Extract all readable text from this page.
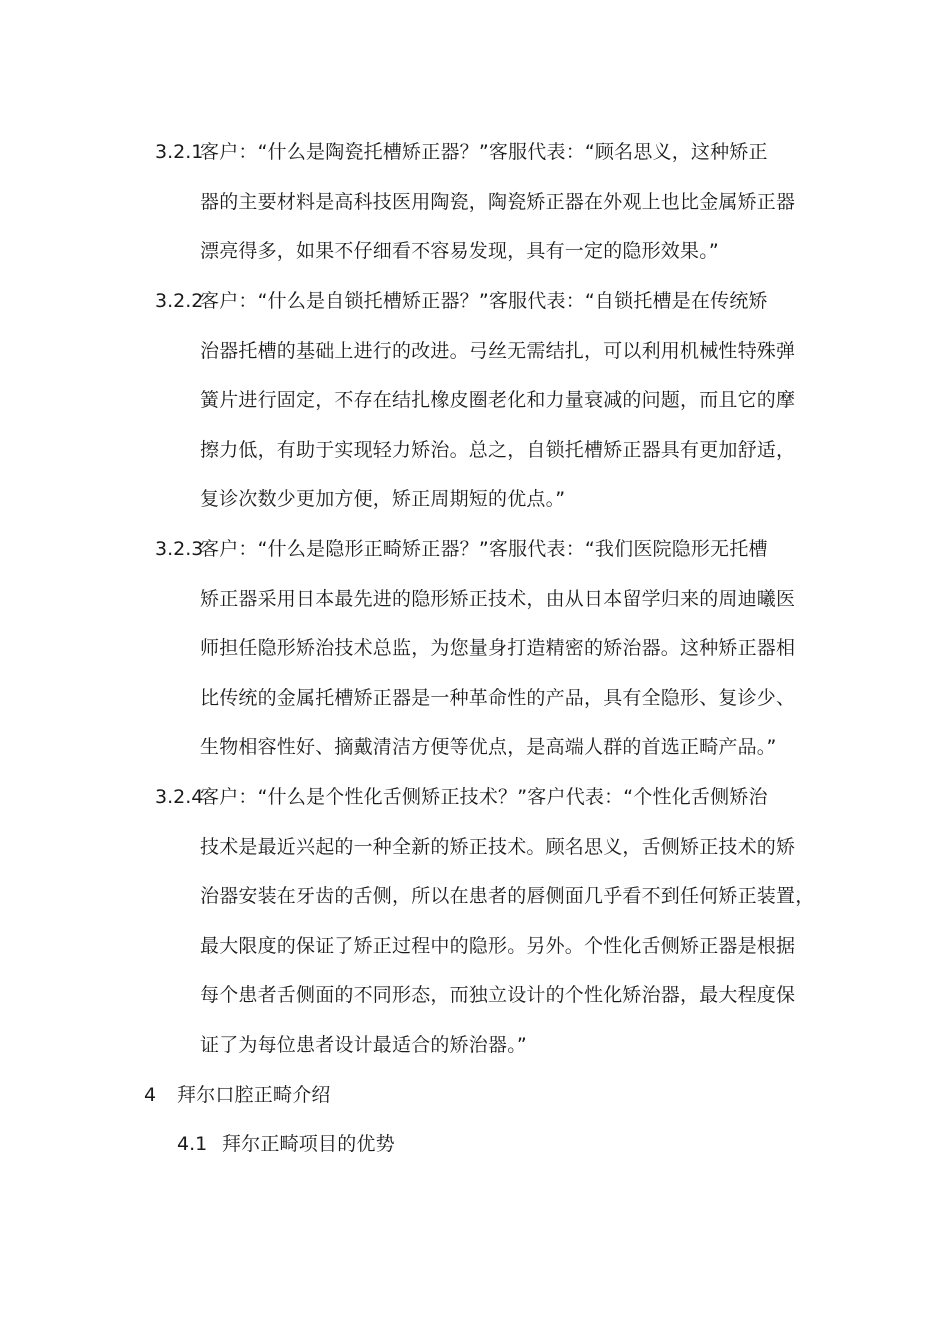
3.2.1
客户：“什么是陶瓷托槽矫正器？”客服代表：“顾名思义，这种矫正
器的主要材料是高科技医用陶瓷，陶瓷矫正器在外观上也比金属矫正器
漂亮得多，如果不仔细看不容易发现，具有一定的隐形效果。”
3.2.2
客户：“什么是自锁托槽矫正器？”客服代表：“自锁托槽是在传统矫
治器托槽的基础上进行的改进。弓丝无需结扎，可以利用机械性特殊弹
簧片进行固定，不存在结扎橡皮圈老化和力量衰减的问题，而且它的摩
擦力低，有助于实现轻力矫治。总之，自锁托槽矫正器具有更加舒适，
复诊次数少更加方便，矫正周期短的优点。”
3.2.3
客户：“什么是隐形正畸矫正器？”客服代表：“我们医院隐形无托槽
矫正器采用日本最先进的隐形矫正技术，由从日本留学归来的周迪曦医
师担任隐形矫治技术总监，为您量身打造精密的矫治器。这种矫正器相
比传统的金属托槽矫正器是一种革命性的产品，具有全隐形、复诊少、
生物相容性好、摘戴清洁方便等优点，是高端人群的首选正畸产品。”
3.2.4
客户：“什么是个性化舌侧矫正技术？”客户代表：“个性化舌侧矫治
技术是最近兴起的一种全新的矫正技术。顾名思义，舌侧矫正技术的矫
治器安装在牙齿的舌侧，所以在患者的唇侧面几乎看不到任何矫正装置，
最大限度的保证了矫正过程中的隐形。另外。个性化舌侧矫正器是根据
每个患者舌侧面的不同形态，而独立设计的个性化矫治器，最大程度保
证了为每位患者设计最适合的矫治器。”
4 拜尔口腔正畸介绍
4.1 拜尔正畸项目的优势
